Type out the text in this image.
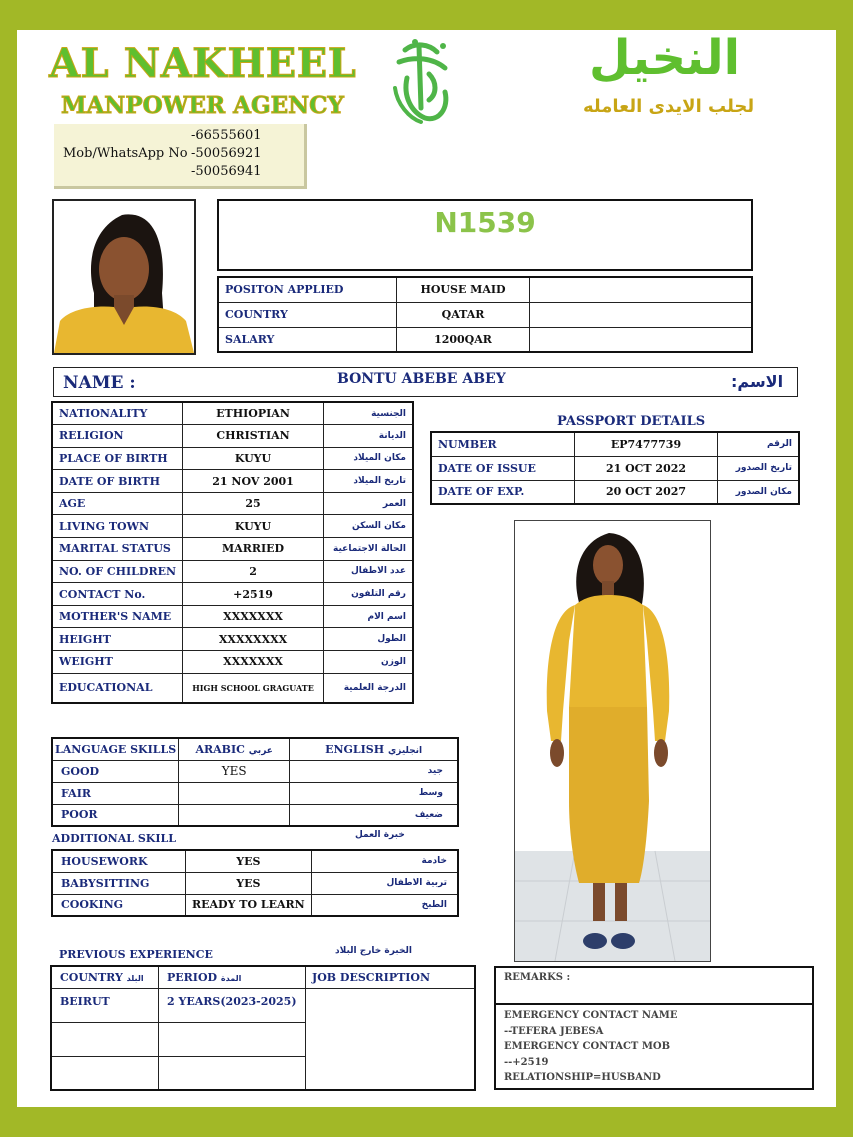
AL NAKHEEL
MANPOWER AGENCY
-66555601
Mob/WhatsApp No -50056921
-50056941
النخيل
لجلب الايدى العامله
N1539
POSITON APPLIED	HOUSE MAID	
COUNTRY	QATAR	
SALARY	1200QAR	
NAME :	BONTU ABEBE ABEY	الاسم:
NATIONALITY	ETHIOPIAN	الجنسية
RELIGION	CHRISTIAN	الديانة
PLACE OF BIRTH	KUYU	مكان الميلاد
DATE OF BIRTH	21 NOV 2001	تاريخ الميلاد
AGE	25	العمر
LIVING TOWN	KUYU	مكان السكن
MARITAL STATUS	MARRIED	الحالة الاجتماعية
NO. OF CHILDREN	2	عدد الاطفال
CONTACT No.	+2519	رقم التلفون
MOTHER'S NAME	XXXXXXX	اسم الام
HEIGHT	XXXXXXXX	الطول
WEIGHT	XXXXXXX	الوزن
EDUCATIONAL	HIGH SCHOOL GRAGUATE	الدرجة العلمية
PASSPORT DETAILS
NUMBER	EP7477739	الرقم
DATE OF ISSUE	21 OCT 2022	تاريخ الصدور
DATE OF EXP.	20 OCT 2027	مكان الصدور
LANGUAGE SKILLS	ARABIC عربي	ENGLISH انجليزي
GOOD	YES	جيد
FAIR		وسط
POOR		ضعيف
ADDITIONAL SKILL	خبرة العمل
HOUSEWORK	YES	خادمة
BABYSITTING	YES	تربية الاطفال
COOKING	READY TO LEARN	الطبخ
PREVIOUS EXPERIENCE	الخبرة خارج البلاد
COUNTRY البلد	PERIOD المدة	JOB DESCRIPTION
BEIRUT	2 YEARS(2023-2025)	

REMARKS :
EMERGENCY CONTACT NAME
--TEFERA JEBESA
EMERGENCY CONTACT MOB
--+2519
RELATIONSHIP=HUSBAND
